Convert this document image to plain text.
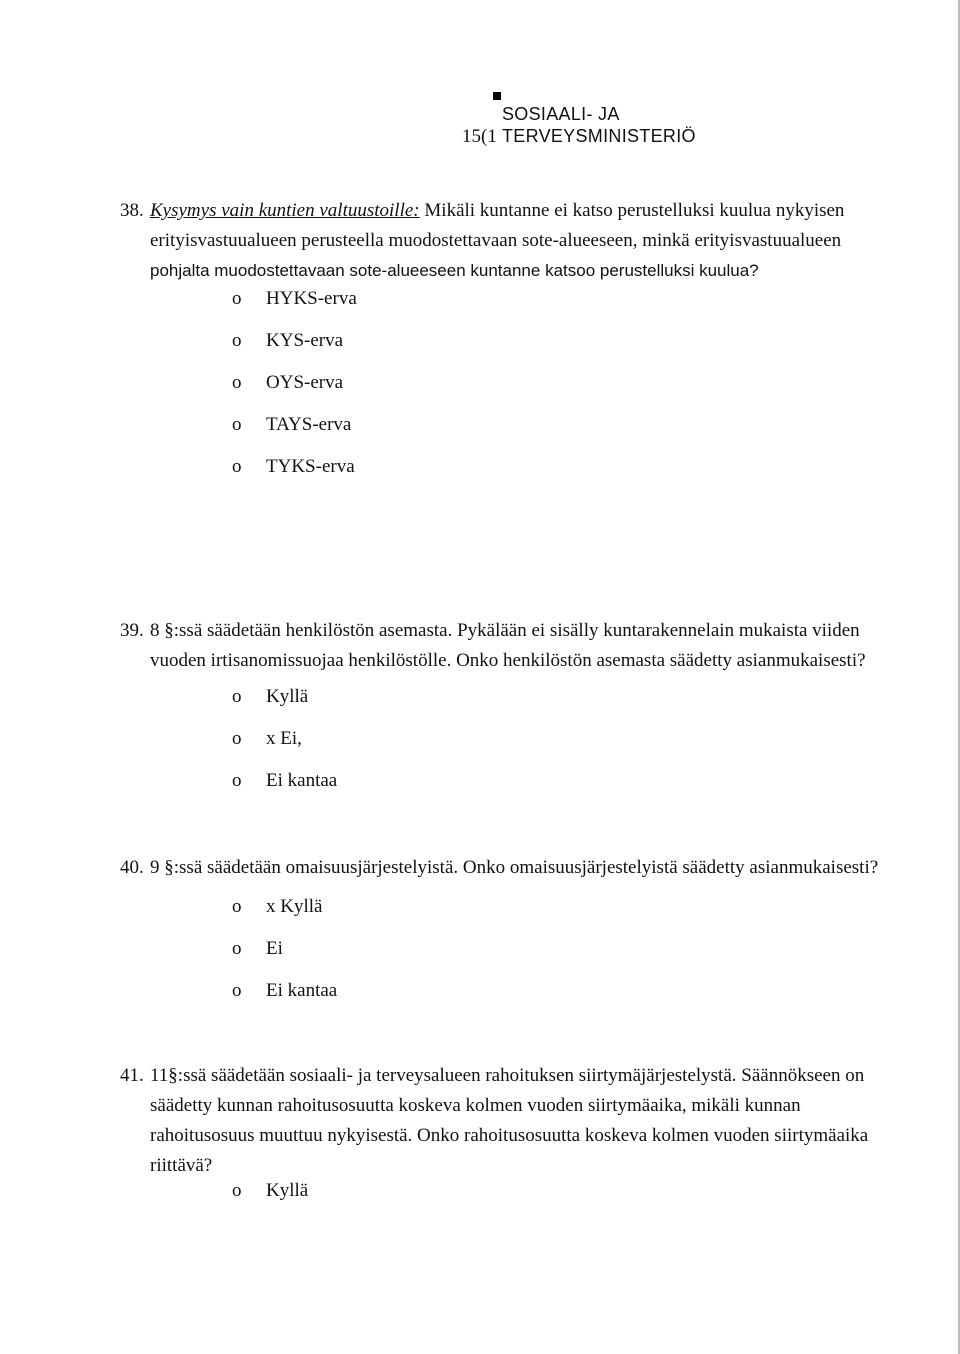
SOSIAALI- JA
15(1 TERVEYSMINISTERIÖ
38. Kysymys vain kuntien valtuustoille: Mikäli kuntanne ei katso perustelluksi kuulua nykyisen
erityisvastuualueen perusteella muodostettavaan sote-alueeseen, minkä erityisvastuualueen
pohjalta muodostettavaan sote-alueeseen kuntanne katsoo perustelluksi kuulua?
o HYKS-erva
o KYS-erva
o OYS-erva
o TAYS-erva
o TYKS-erva
39. 8 §:ssä säädetään henkilöstön asemasta. Pykälään ei sisälly kuntarakennelain mukaista viiden
vuoden irtisanomissuojaa henkilöstölle. Onko henkilöstön asemasta säädetty asianmukaisesti?
o Kyllä
o x Ei,
o Ei kantaa
40. 9 §:ssä säädetään omaisuusjärjestelyistä. Onko omaisuusjärjestelyistä säädetty asianmukaisesti?
o x Kyllä
o Ei
o Ei kantaa
41. 11§:ssä säädetään sosiaali- ja terveysalueen rahoituksen siirtymäjärjestelystä. Säännökseen on
säädetty kunnan rahoitusosuutta koskeva kolmen vuoden siirtymäaika, mikäli kunnan
rahoitusosuus muuttuu nykyisestä. Onko rahoitusosuutta koskeva kolmen vuoden siirtymäaika
riittävä?
o Kyllä
